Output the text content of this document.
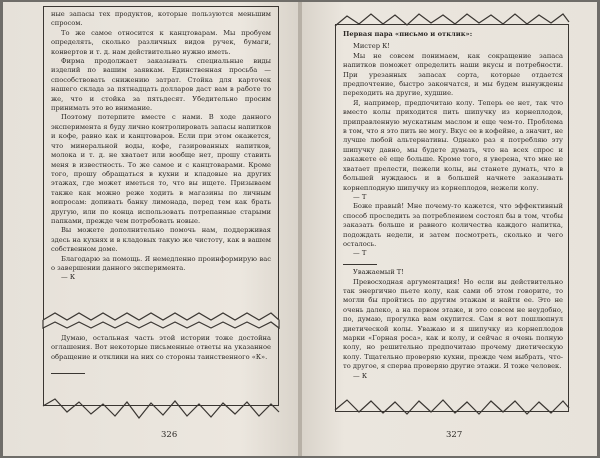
ные запасы тех продуктов, которые пользуются меньшим спросом.

То же самое относится к канцтоварам. Мы пробуем определять, сколько различных видов ручек, бумаги, конвертов и т. д. нам действительно нужно иметь.

Фирма продолжает заказывать специальные виды изделий по вашим заявкам. Единственная просьба — способствовать снижению затрат. Стойка для карточек нашего склада за пятнадцать долларов даст вам в работе то же, что и стойка за пятьдесят. Убедительно просим принимать это во внимание.

Поэтому потерпите вместе с нами. В ходе данного эксперимента я буду лично контролировать запасы напитков и кофе, равно как и канцтоваров. Если при этом окажется, что минеральной воды, кофе, газированных напитков, молока и т. д. не хватает или вообще нет, прошу ставить меня в известность. То же самое и с канцтоварами. Кроме того, прошу обращаться в кухни и кладовые на других этажах, где может иметься то, что вы ищете. Призываем также как можно реже ходить в магазины по личным вопросам: допивать банку лимонада, перед тем как брать другую, или по конца использовать потрепанные старыми папками, прежде чем потребовать новые.

Вы можете дополнительно помочь нам, поддерживая здесь на кухнях и в кладовых такую же чистоту, как в вашем собственном доме.

Благодарю за помощь. Я немедленно проинформирую вас о завершении данного эксперимента.

— К

Думаю, остальная часть этой истории тоже достойна оглашения. Вот некоторые письменные ответы на указанное обращение и отклики на них со стороны таинственного «К».

Первая пара «письмо и отклик»:

Мистер К!

Мы не совсем понимаем, как сокращение запаса напитков поможет определить наши вкусы и потребности. При урезанных запасах сорта, которые отдается предпочтение, быстро закончатся, и мы будем вынуждены переходить на другие, худшие.

Я, например, предпочитаю колу. Теперь ее нет, так что вместо колы приходится пить шипучку из корнеплодов, приправленную мускатным маслом и еще чем-то. Проблема в том, что я это пить не могу. Вкус ее в кофейне, а значит, не лучше любой альтернативы. Однако раз я потребляю эту шипучку давно, мы будете думать, что на всех спрос и закажете её еще больше. Кроме того, я уверена, что мне не хватает прелести, пежели колы, вы станете думать, что в большей нуждаюсь и в большей начнете заказывать корнеплодную шипучку из корнеплодов, нежели колу.

— Т

Боже правый! Мне почему-то кажется, что эффективный способ проследить за потреблением состоял бы в том, чтобы заказать больше и равного количества каждого напитка, подождать недели, и затем посмотреть, сколько и чего осталось.

— Т

Уважаемый Т!

Превосходная аргументация! Но если вы действительно так энергично пьете колу, как сами об этом говорите, то могли бы пройтись по другим этажам и найти ее. Это не очень далеко, а на первом этаже, и это совсем не неудобно, по, думаю, прогулка вам окупится. Сам я вот пошлюпнул диетической колы. Уважаю и я шипучку из корнеплодов марки «Горная роса», как и колу, и сейчас я очень полную колу, но решительно предпочитаю прочему диетическую колу. Тщательно проверяю кухни, прежде чем выбрать, что-то другое, я сперва проверяю другие этажи. Я тоже человек.

— К

326	327
